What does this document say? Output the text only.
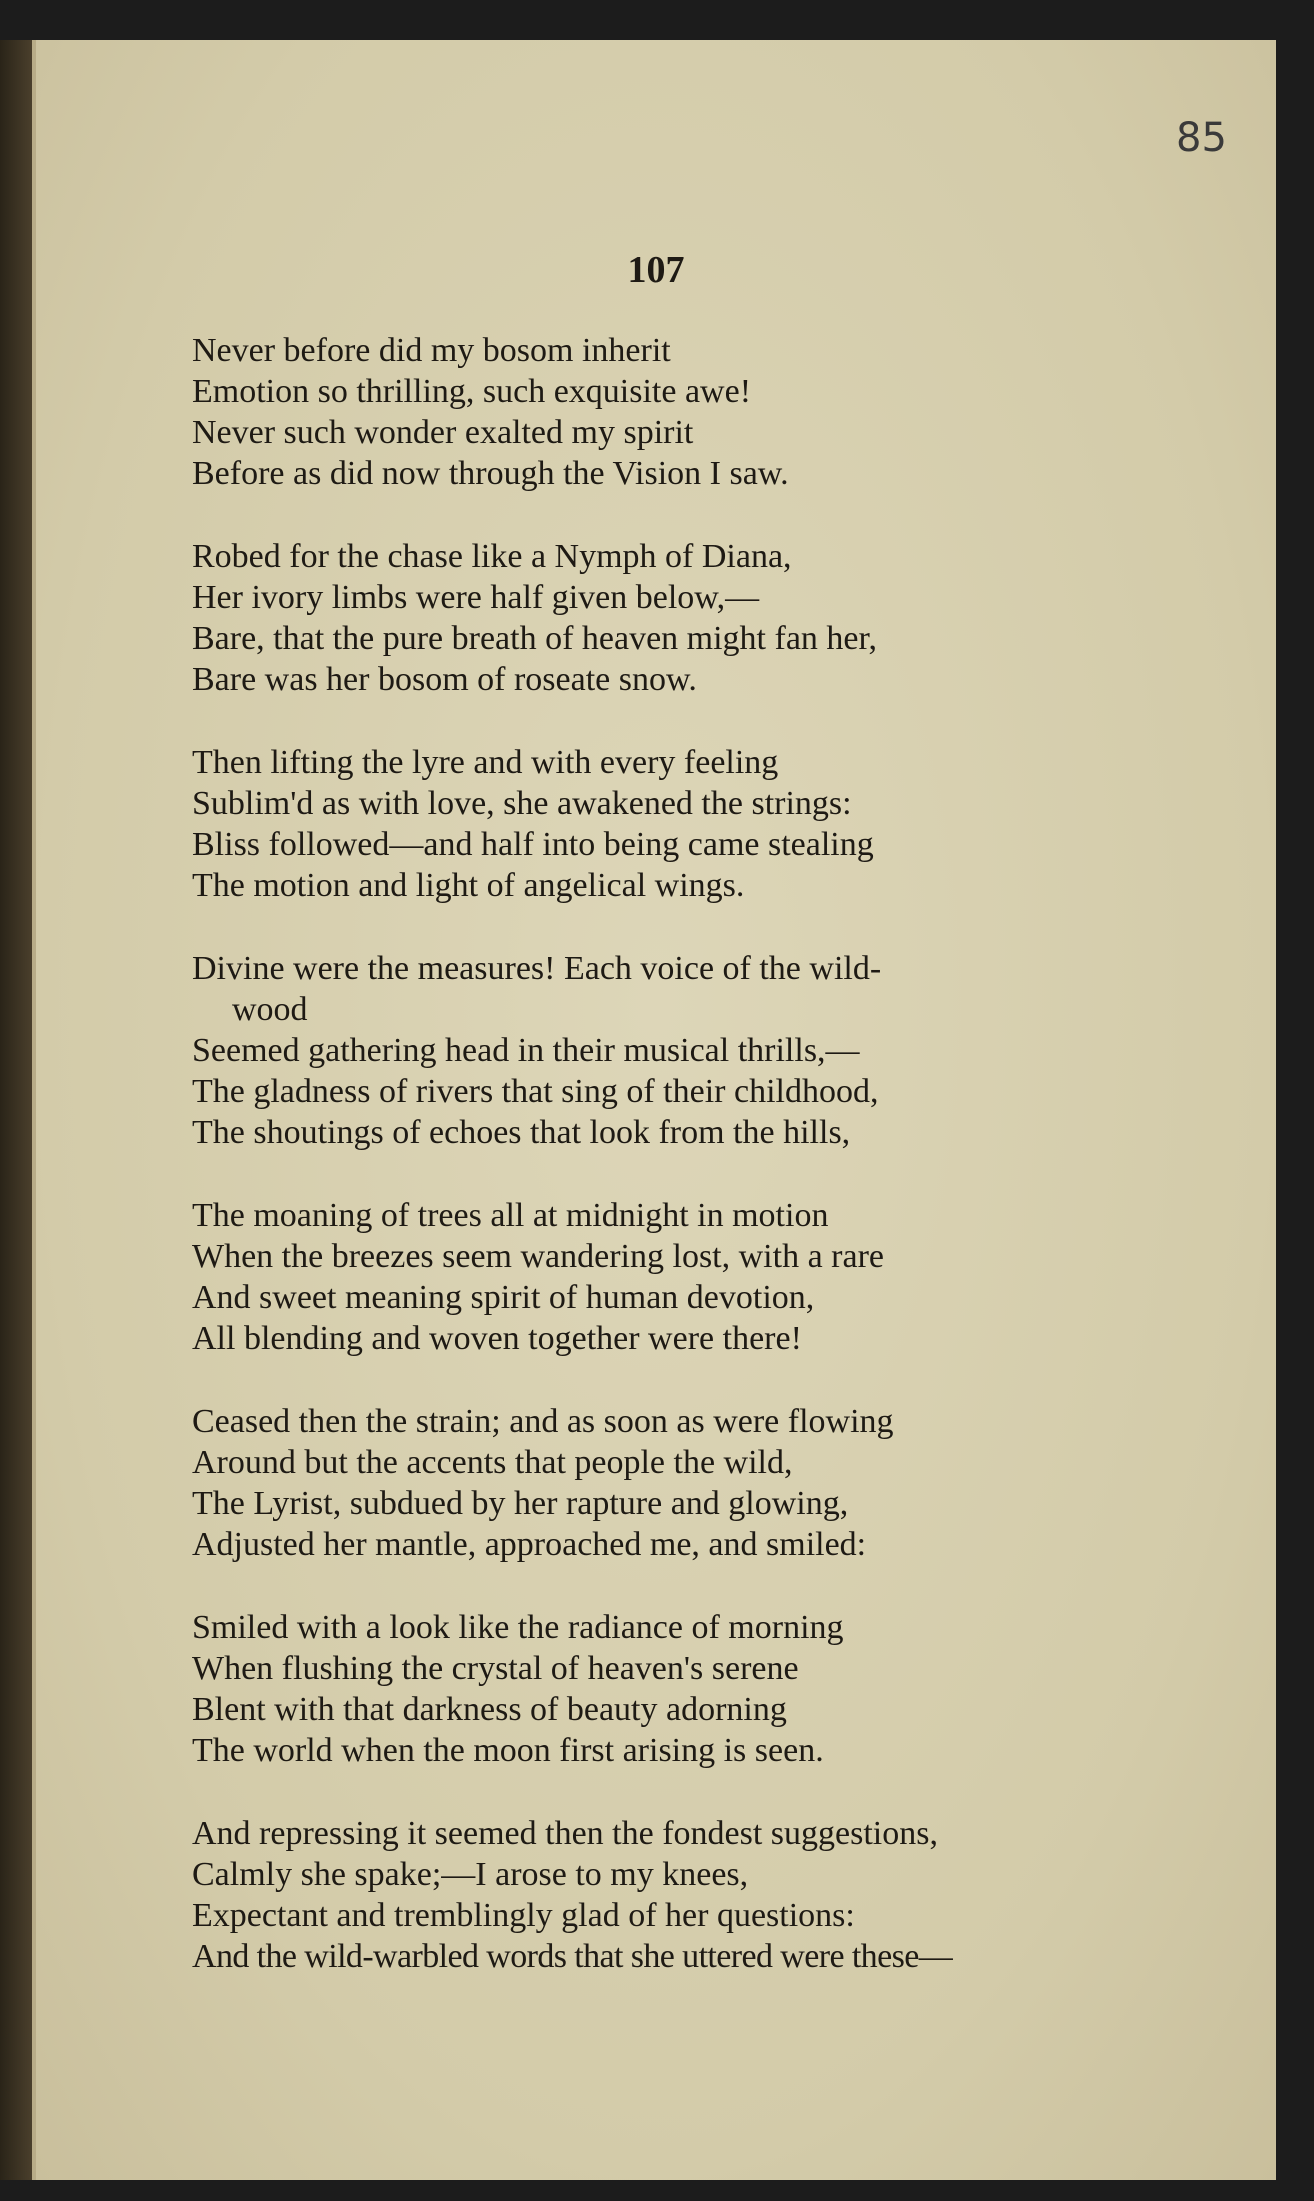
85
107
Never before did my bosom inherit
Emotion so thrilling, such exquisite awe!
Never such wonder exalted my spirit
Before as did now through the Vision I saw.
Robed for the chase like a Nymph of Diana,
Her ivory limbs were half given below,—
Bare, that the pure breath of heaven might fan her,
Bare was her bosom of roseate snow.
Then lifting the lyre and with every feeling
Sublim'd as with love, she awakened the strings:
Bliss followed—and half into being came stealing
The motion and light of angelical wings.
Divine were the measures! Each voice of the wild-
wood
Seemed gathering head in their musical thrills,—
The gladness of rivers that sing of their childhood,
The shoutings of echoes that look from the hills,
The moaning of trees all at midnight in motion
When the breezes seem wandering lost, with a rare
And sweet meaning spirit of human devotion,
All blending and woven together were there!
Ceased then the strain; and as soon as were flowing
Around but the accents that people the wild,
The Lyrist, subdued by her rapture and glowing,
Adjusted her mantle, approached me, and smiled:
Smiled with a look like the radiance of morning
When flushing the crystal of heaven's serene
Blent with that darkness of beauty adorning
The world when the moon first arising is seen.
And repressing it seemed then the fondest suggestions,
Calmly she spake;—I arose to my knees,
Expectant and tremblingly glad of her questions:
And the wild-warbled words that she uttered were these—
